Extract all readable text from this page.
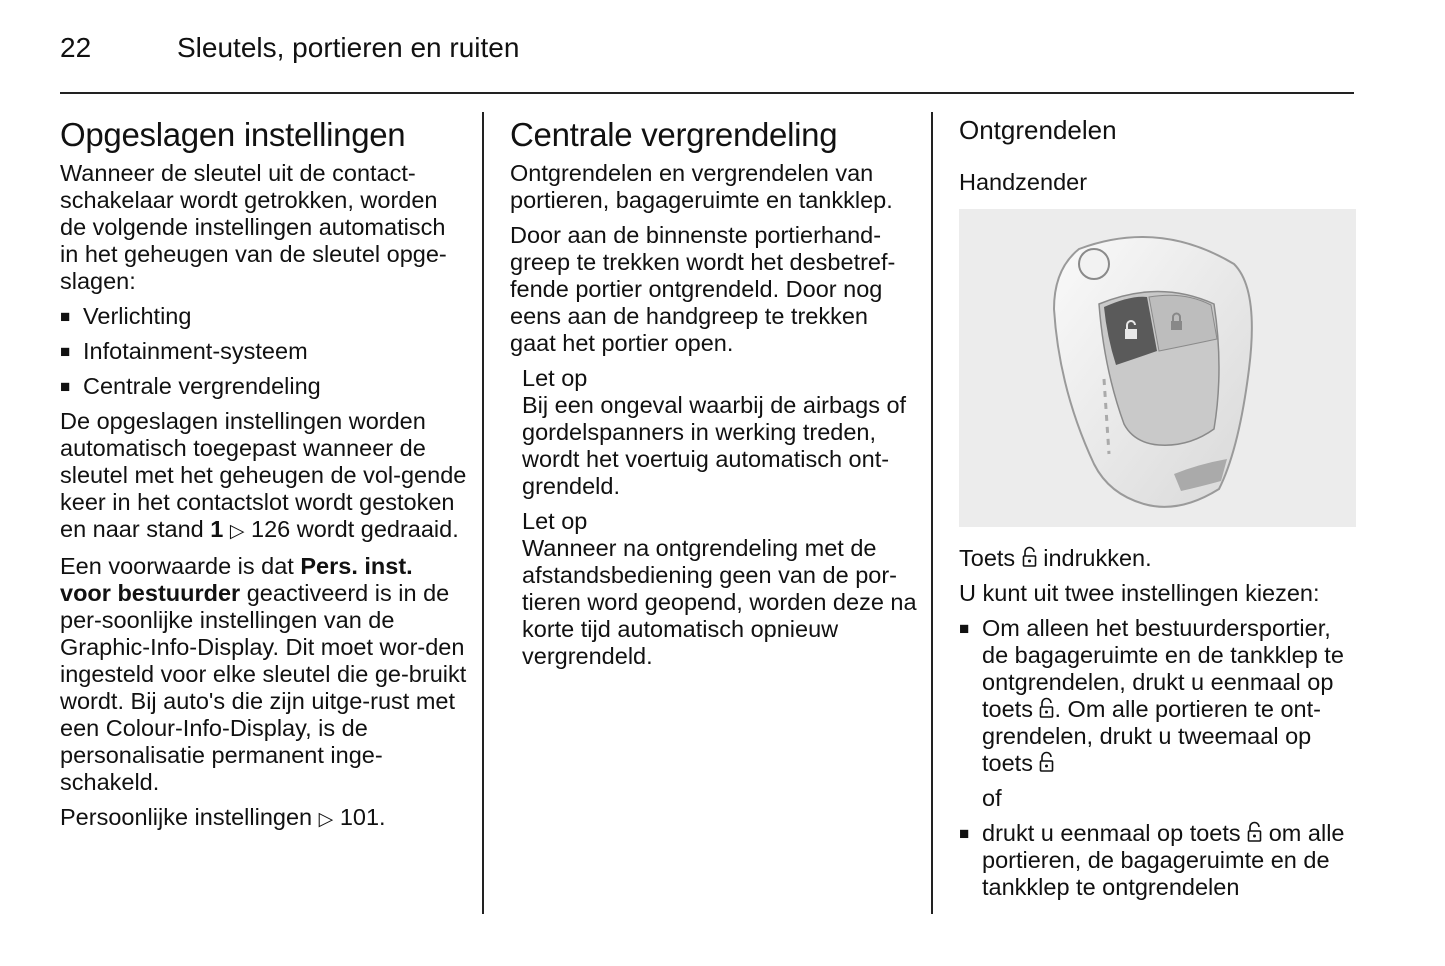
22	Sleutels, portieren en ruiten
Opgeslagen instellingen

Wanneer de sleutel uit de contact-schakelaar wordt getrokken, worden de volgende instellingen automatisch in het geheugen van de sleutel opge-slagen:

■ Verlichting
■ Infotainment-systeem
■ Centrale vergrendeling

De opgeslagen instellingen worden automatisch toegepast wanneer de sleutel met het geheugen de vol-gende keer in het contactslot wordt gestoken en naar stand 1 ▷ 126 wordt gedraaid.

Een voorwaarde is dat Pers. inst. voor bestuurder geactiveerd is in de per-soonlijke instellingen van de Graphic-Info-Display. Dit moet wor-den ingesteld voor elke sleutel die ge-bruikt wordt. Bij auto's die zijn uitge-rust met een Colour-Info-Display, is de personalisatie permanent inge-schakeld.

Persoonlijke instellingen ▷ 101.

Centrale vergrendeling

Ontgrendelen en vergrendelen van portieren, bagageruimte en tankklep.

Door aan de binnenste portierhand-greep te trekken wordt het desbetref-fende portier ontgrendeld. Door nog eens aan de handgreep te trekken gaat het portier open.

Let op
Bij een ongeval waarbij de airbags of gordelspanners in werking treden, wordt het voertuig automatisch ont-grendeld.
Let op
Wanneer na ontgrendeling met de afstandsbediening geen van de por-tieren word geopend, worden deze na korte tijd automatisch opnieuw vergrendeld.
Ontgrendelen
Handzender

Toets  indrukken.

U kunt uit twee instellingen kiezen:

■ Om alleen het bestuurdersportier, de bagageruimte en de tankklep te ontgrendelen, drukt u eenmaal op toets . Om alle portieren te ont-grendelen, drukt u tweemaal op toets

of

■ drukt u eenmaal op toets  om alle portieren, de bagageruimte en de tankklep te ontgrendelen
